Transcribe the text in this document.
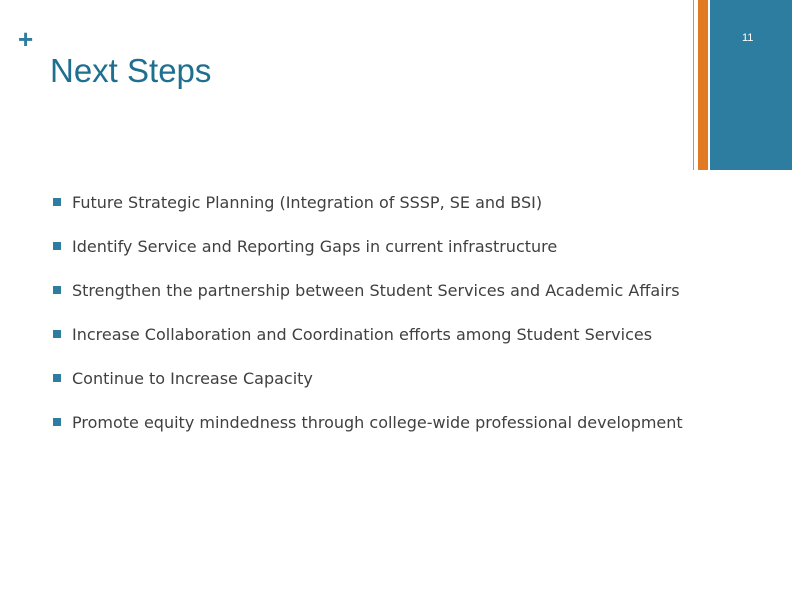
+
Next Steps
11
Future Strategic Planning (Integration of SSSP, SE and BSI)
Identify Service and Reporting Gaps in current infrastructure
Strengthen the partnership between Student Services and Academic Affairs
Increase Collaboration and Coordination efforts among Student Services
Continue to Increase Capacity
Promote equity mindedness through college-wide professional development
